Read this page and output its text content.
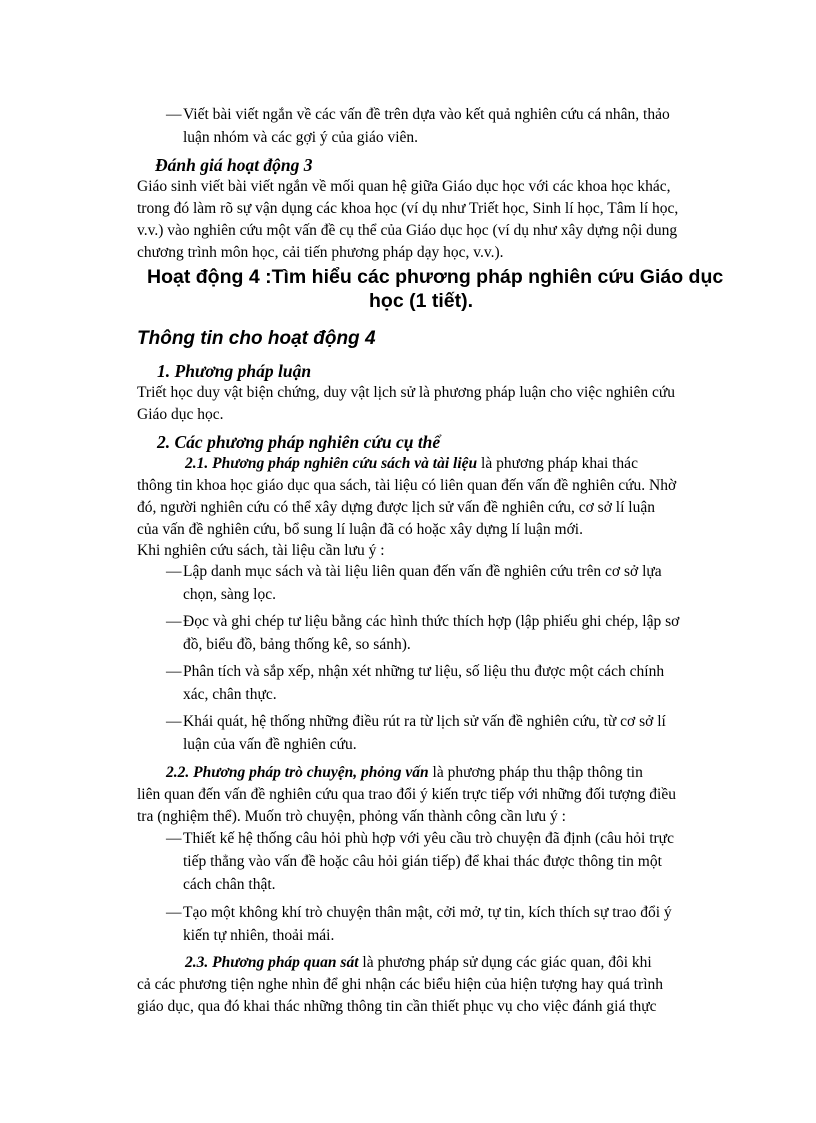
— Viết bài viết ngắn về các vấn đề trên dựa vào kết quả nghiên cứu cá nhân, thảo
luận nhóm và các gợi ý của giáo viên.
Đánh giá hoạt động 3
Giáo sinh viết bài viết ngắn về mối quan hệ giữa Giáo dục học với các khoa học khác,
trong đó làm rõ sự vận dụng các khoa học (ví dụ như Triết học, Sinh lí học, Tâm lí học,
v.v.) vào nghiên cứu một vấn đề cụ thể của Giáo dục học (ví dụ như xây dựng nội dung
chương trình môn học, cải tiến phương pháp dạy học, v.v.).
Hoạt động 4 :Tìm hiểu các phương pháp nghiên cứu Giáo dục
học (1 tiết).
Thông tin cho hoạt động 4
1. Phương pháp luận
Triết học duy vật biện chứng, duy vật lịch sử là phương pháp luận cho việc nghiên cứu
Giáo dục học.
2. Các phương pháp nghiên cứu cụ thể
2.1. Phương pháp nghiên cứu sách và tài liệu là phương pháp khai thác
thông tin khoa học giáo dục qua sách, tài liệu có liên quan đến vấn đề nghiên cứu. Nhờ
đó, người nghiên cứu có thể xây dựng được lịch sử vấn đề nghiên cứu, cơ sở lí luận
của vấn đề nghiên cứu, bổ sung lí luận đã có hoặc xây dựng lí luận mới.
Khi nghiên cứu sách, tài liệu cần lưu ý :
— Lập danh mục sách và tài liệu liên quan đến vấn đề nghiên cứu trên cơ sở lựa
chọn, sàng lọc.
— Đọc và ghi chép tư liệu bằng các hình thức thích hợp (lập phiếu ghi chép, lập sơ
đồ, biểu đồ, bảng thống kê, so sánh).
— Phân tích và sắp xếp, nhận xét những tư liệu, số liệu thu được một cách chính
xác, chân thực.
— Khái quát, hệ thống những điều rút ra từ lịch sử vấn đề nghiên cứu, từ cơ sở lí
luận của vấn đề nghiên cứu.
2.2. Phương pháp trò chuyện, phỏng vấn là phương pháp thu thập thông tin
liên quan đến vấn đề nghiên cứu qua trao đổi ý kiến trực tiếp với những đối tượng điều
tra (nghiệm thể). Muốn trò chuyện, phỏng vấn thành công cần lưu ý :
— Thiết kế hệ thống câu hỏi phù hợp với yêu cầu trò chuyện đã định (câu hỏi trực
tiếp thẳng vào vấn đề hoặc câu hỏi gián tiếp) để khai thác được thông tin một
cách chân thật.
— Tạo một không khí trò chuyện thân mật, cởi mở, tự tin, kích thích sự trao đổi ý
kiến tự nhiên, thoải mái.
2.3. Phương pháp quan sát là phương pháp sử dụng các giác quan, đôi khi
cả các phương tiện nghe nhìn để ghi nhận các biểu hiện của hiện tượng hay quá trình
giáo dục, qua đó khai thác những thông tin cần thiết phục vụ cho việc đánh giá thực
